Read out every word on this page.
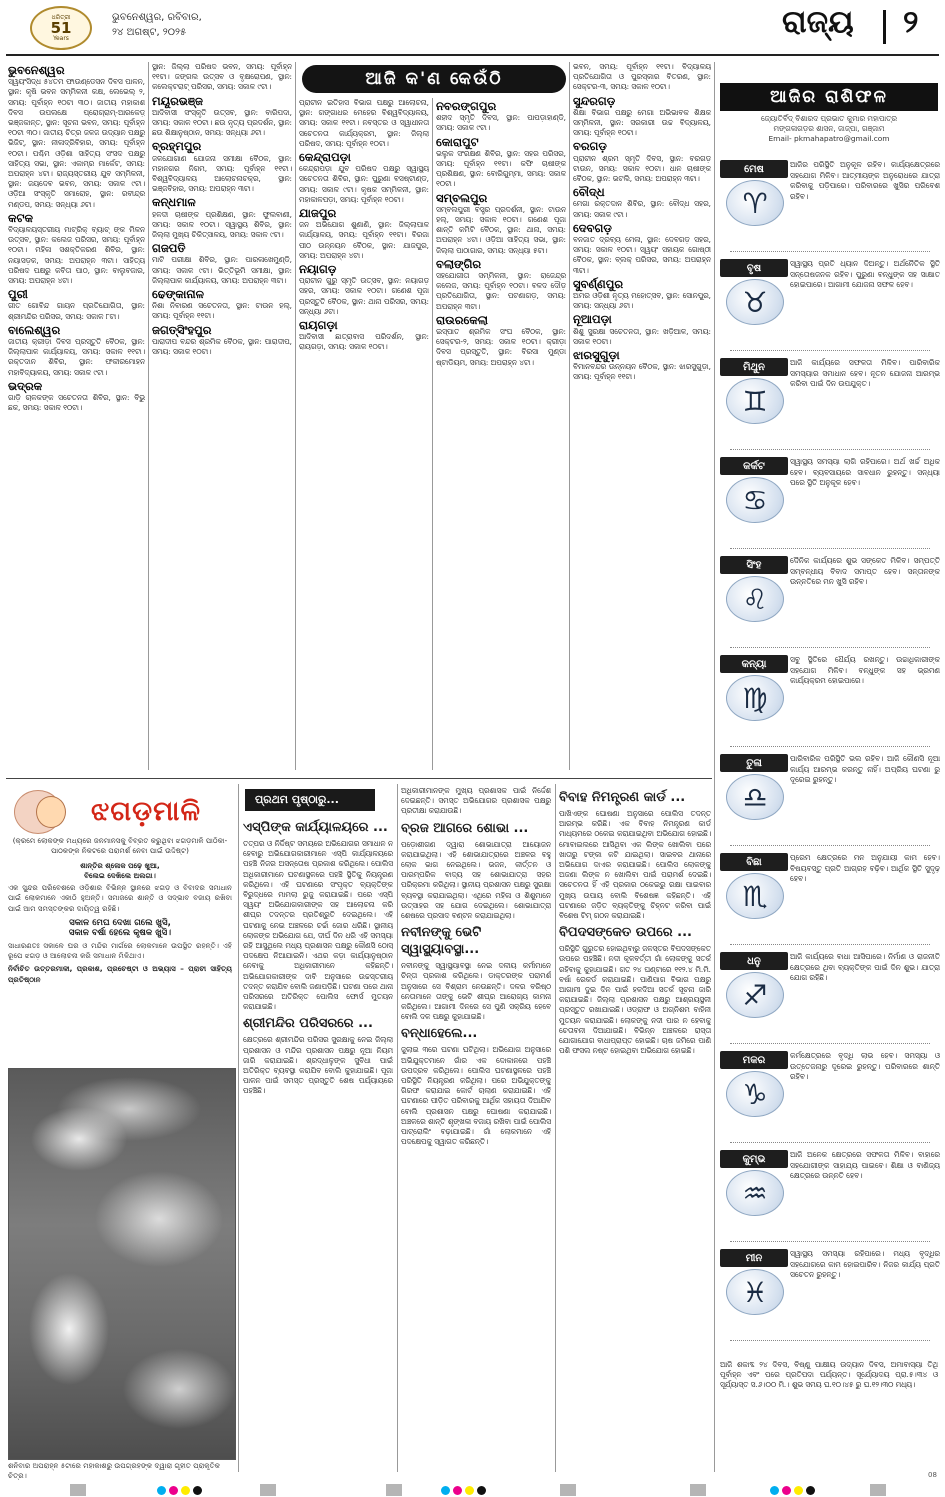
ଧରିତ୍ରୀ
51
Years
ଭୁବନେଶ୍ୱର, ରବିବାର,
୨୪ ଅଗଷ୍ଟ, ୨୦୨୫	ରାଜ୍ୟ ୨
ଭୁବନେଶ୍ୱର

ସ୍ୱୟଂସିଦ୍ଧ ୫୪ତମ ଫାଉଣ୍ଡେସନ ଦିବସ ପାଳନ, ସ୍ଥାନ: କୃଷି ଭବନ ସମ୍ମିଳନୀ କକ୍ଷ, ଲେଭେଲ୍ ୨, ସମୟ: ପୂର୍ବାହ୍ନ ୧୦ଟା ୩୦। ଜାତୀୟ ମହାକାଶ ଦିବସ ଉପଲକ୍ଷେ ପ୍ରୋଗ୍ରାମ୍-ଆରକେଡ଼୍ ଭଞ୍ଜକାନ୍ତ, ସ୍ଥାନ: ସୂଚନା ଭବନ, ସମୟ: ପୂର୍ବାହ୍ନ ୧୦ଟା ୩୦। ଜାତୀୟ ଚିତ୍ର ଜଳଜ ଉଦ୍ୟାନ ପକ୍ଷରୁ ଭିଜିଟ୍, ସ୍ଥାନ: ନୀଳାଦ୍ରିବିହାର, ସମୟ: ପୂର୍ବାହ୍ନ ୧୦ଟା। ପଶ୍ଚିମ ଓଡ଼ିଶା ସାହିତ୍ୟ ସଂସଦ ପକ୍ଷରୁ ସାହିତ୍ୟ ସଭା, ସ୍ଥାନ: ଏକାମ୍ର ମାର୍କେଟ, ସମୟ: ଅପରାହ୍ନ ୪ଟା। ରାଜ୍ୟସ୍ତରୀୟ ଯୁବ ସମ୍ମିଳନୀ, ସ୍ଥାନ: ଜୟଦେବ ଭବନ, ସମୟ: ସକାଳ ୯ଟା। ଓଡ଼ିଆ ସଂସ୍କୃତି ସମାରୋହ, ସ୍ଥାନ: ରବୀନ୍ଦ୍ର ମଣ୍ଡପ, ସମୟ: ସନ୍ଧ୍ୟା ୬ଟା।

କଟକ

ବିଦ୍ୟାଳୟସ୍ତରୀୟ ମାଟ୍ରିକ୍ ବ୍ୟାଚ୍ ଙ୍କ ମିଳନ ଉତ୍ସବ, ସ୍ଥାନ: କଲେଜ ପରିସର, ସମୟ: ପୂର୍ବାହ୍ନ ୧୦ଟା। ମହିଳା ସଶକ୍ତିକରଣ ଶିବିର, ସ୍ଥାନ: ନୟାସଡ଼କ, ସମୟ: ଅପରାହ୍ନ ୩ଟା। ସାହିତ୍ୟ ପରିଷଦ ପକ୍ଷରୁ କବିତା ପାଠ, ସ୍ଥାନ: ବାଲୁବଜାର, ସମୟ: ଅପରାହ୍ନ ୪ଟା।

ପୁରୀ

ଗୀତ ଗୋବିନ୍ଦ ଗାୟନ ପ୍ରତିଯୋଗିତା, ସ୍ଥାନ: ଶ୍ରୀମନ୍ଦିର ପରିସର, ସମୟ: ସକାଳ ୮ଟା।

ବାଲେଶ୍ୱର

ଜାତୀୟ କ୍ରୀଡ଼ା ଦିବସ ପ୍ରସ୍ତୁତି ବୈଠକ, ସ୍ଥାନ: ଜିଲ୍ଲାପାଳ କାର୍ଯ୍ୟାଳୟ, ସମୟ: ସକାଳ ୧୧ଟା। ରକ୍ତଦାନ ଶିବିର, ସ୍ଥାନ: ଫକୀରମୋହନ ମହାବିଦ୍ୟାଳୟ, ସମୟ: ସକାଳ ୯ଟା।

ଭଦ୍ରକ

ଗାଡ଼ି ଚାଳକଙ୍କ ସଚେତନତା ଶିବିର, ସ୍ଥାନ: ବିଭୁ ଛକ, ସମୟ: ସକାଳ ୧୦ଟା।

ସ୍ଥାନ: ଜିଲ୍ଲା ପରିଷଦ ଭବନ, ସମୟ: ପୂର୍ବାହ୍ନ ୧୧ଟା। ଜଙ୍ଗଲ ଉତ୍ସବ ଓ ବୃକ୍ଷରୋପଣ, ସ୍ଥାନ: କଲେକ୍ଟରାଟ୍ ପରିସର, ସମୟ: ସକାଳ ୯ଟା।

ମୟୂରଭଞ୍ଜ

ଆଦିବାସୀ ସଂସ୍କୃତି ଉତ୍ସବ, ସ୍ଥାନ: ବାରିପଦା, ସମୟ: ସକାଳ ୧୦ଟା। ଛଉ ନୃତ୍ୟ ପ୍ରଦର୍ଶନ, ସ୍ଥାନ: ଛଉ ଶିକ୍ଷାନୁଷ୍ଠାନ, ସମୟ: ସନ୍ଧ୍ୟା ୬ଟା।

ବ୍ରହ୍ମପୁର

ଜଳଯୋଗାଣ ଯୋଜନା ସମୀକ୍ଷା ବୈଠକ, ସ୍ଥାନ: ମହାନଗର ନିଗମ, ସମୟ: ପୂର୍ବାହ୍ନ ୧୧ଟା। ବିଶ୍ୱବିଦ୍ୟାଳୟ ଆଲୋଚନାଚକ୍ର, ସ୍ଥାନ: ଭଞ୍ଜବିହାର, ସମୟ: ଅପରାହ୍ନ ୩ଟା।

କନ୍ଧମାଳ

ହଳଦୀ ଚାଷୀଙ୍କ ପ୍ରଶିକ୍ଷଣ, ସ୍ଥାନ: ଫୁଲବାଣୀ, ସମୟ: ସକାଳ ୧୦ଟା। ସ୍ୱାସ୍ଥ୍ୟ ଶିବିର, ସ୍ଥାନ: ଜିଲ୍ଲା ମୁଖ୍ୟ ଚିକିତ୍ସାଳୟ, ସମୟ: ସକାଳ ୯ଟା।

ଗଜପତି

ମାଟି ପରୀକ୍ଷା ଶିବିର, ସ୍ଥାନ: ପାରଳାଖେମୁଣ୍ଡି, ସମୟ: ସକାଳ ୯ଟା। ଭିତ୍ତିଭୂମି ସମୀକ୍ଷା, ସ୍ଥାନ: ଜିଲ୍ଲାପାଳ କାର୍ଯ୍ୟାଳୟ, ସମୟ: ଅପରାହ୍ନ ୩ଟା।

ଢେଙ୍କାନାଳ

ନିଶା ନିବାରଣ ସଚେତନତା, ସ୍ଥାନ: ଟାଉନ ହଲ୍, ସମୟ: ପୂର୍ବାହ୍ନ ୧୧ଟା।

ଜଗତ୍ସିଂହପୁର

ପାରାଦୀପ ବନ୍ଦର ଶ୍ରମିକ ବୈଠକ, ସ୍ଥାନ: ପାରାଦୀପ, ସମୟ: ସକାଳ ୧୦ଟା।

ଆଜି କ'ଣ କେଉଁଠି

ପ୍ରାଚୀନ ଇତିହାସ ବିଭାଗ ପକ୍ଷରୁ ଆଲୋଚନା, ସ୍ଥାନ: ଗଙ୍ଗାଧର ମେହେର ବିଶ୍ୱବିଦ୍ୟାଳୟ, ସମୟ: ସକାଳ ୧୧ଟା। ନବସ୍ତର ଓ ସ୍ୱାଧୀନତା ସଚେତନତା କାର୍ଯ୍ୟକ୍ରମ, ସ୍ଥାନ: ଜିଲ୍ଲା ପରିଷଦ, ସମୟ: ପୂର୍ବାହ୍ନ ୧୦ଟା।

କେନ୍ଦ୍ରାପଡ଼ା

କେନ୍ଦ୍ରାପଡ଼ା ଯୁବ ପରିଷଦ ପକ୍ଷରୁ ସ୍ୱାସ୍ଥ୍ୟ ସଚେତନତା ଶିବିର, ସ୍ଥାନ: ପୁରୁଣା ବସଷ୍ଟାଣ୍ଡ, ସମୟ: ସକାଳ ୯ଟା। କୃଷକ ସମ୍ମିଳନୀ, ସ୍ଥାନ: ମହାକାଳପଡ଼ା, ସମୟ: ପୂର୍ବାହ୍ନ ୧୦ଟା।

ଯାଜପୁର

ଜନ ଅଭିଯୋଗ ଶୁଣାଣି, ସ୍ଥାନ: ଜିଲ୍ଲାପାଳ କାର୍ଯ୍ୟାଳୟ, ସମୟ: ପୂର୍ବାହ୍ନ ୧୧ଟା। ବିରଜା ପୀଠ ଉନ୍ନୟନ ବୈଠକ, ସ୍ଥାନ: ଯାଜପୁର, ସମୟ: ଅପରାହ୍ନ ୪ଟା।

ନୟାଗଡ଼

ପ୍ରାଚୀନ ଗୁରୁ ସ୍ମୃତି ଉତ୍ସବ, ସ୍ଥାନ: ନୟାଗଡ଼ ସହର, ସମୟ: ସକାଳ ୧୦ଟା। ଗଣେଶ ପୂଜା ପ୍ରସ୍ତୁତି ବୈଠକ, ସ୍ଥାନ: ଥାନା ପରିସର, ସମୟ: ସନ୍ଧ୍ୟା ୬ଟା।

ରାୟଗଡ଼ା

ଆଦିବାସୀ ଛାତ୍ରାବାସ ପରିଦର୍ଶନ, ସ୍ଥାନ: ରାୟଗଡ଼ା, ସମୟ: ସକାଳ ୧୦ଟା।

ନବରଙ୍ଗପୁର

ଶହୀଦ ସ୍ମୃତି ଦିବସ, ସ୍ଥାନ: ପାପଡ଼ାହାଣ୍ଡି, ସମୟ: ସକାଳ ୯ଟା।

କୋରାପୁଟ

ଭଲୁକ ସଂରକ୍ଷଣ ଶିବିର, ସ୍ଥାନ: ସହର ପରିସର, ସମୟ: ପୂର୍ବାହ୍ନ ୧୧ଟା। କଫି ଚାଷୀଙ୍କ ପ୍ରଶିକ୍ଷଣ, ସ୍ଥାନ: ବୋରିଗୁମ୍ମା, ସମୟ: ସକାଳ ୧୦ଟା।

ସମ୍ବଲପୁର

ସମ୍ବଲପୁରୀ ବସ୍ତ୍ର ପ୍ରଦର୍ଶନୀ, ସ୍ଥାନ: ଟାଉନ ହଲ୍, ସମୟ: ସକାଳ ୧୦ଟା। ଗଣେଶ ପୂଜା ଶାନ୍ତି କମିଟି ବୈଠକ, ସ୍ଥାନ: ଥାନା, ସମୟ: ଅପରାହ୍ନ ୪ଟା। ଓଡ଼ିଆ ସାହିତ୍ୟ ସଭା, ସ୍ଥାନ: ଜିଲ୍ଲା ପାଠାଗାର, ସମୟ: ସନ୍ଧ୍ୟା ୫ଟା।

ବଲାଙ୍ଗିର

ସହଯୋଗୀତା ସମ୍ମିଳନୀ, ସ୍ଥାନ: ରାଜେନ୍ଦ୍ର କଲେଜ, ସମୟ: ପୂର୍ବାହ୍ନ ୧୦ଟା। ବଳଦ ଦୌଡ଼ ପ୍ରତିଯୋଗିତା, ସ୍ଥାନ: ପଟଣାଗଡ଼, ସମୟ: ଅପରାହ୍ନ ୩ଟା।

ରାଉରକେଲା

ଇସ୍ପାତ ଶ୍ରମିକ ସଂଘ ବୈଠକ, ସ୍ଥାନ: ସେକ୍ଟର-୨, ସମୟ: ସକାଳ ୧୦ଟା। କ୍ରୀଡ଼ା ଦିବସ ପ୍ରସ୍ତୁତି, ସ୍ଥାନ: ବିରସା ମୁଣ୍ଡା ଷ୍ଟାଡିୟମ, ସମୟ: ଅପରାହ୍ନ ୪ଟା।

ଭବନ, ସମୟ: ପୂର୍ବାହ୍ନ ୧୧ଟା। ବିଦ୍ୟାଳୟ ପ୍ରତିଯୋଗିତା ଓ ପୁରସ୍କାର ବିତରଣ, ସ୍ଥାନ: ସେକ୍ଟର-୩, ସମୟ: ସକାଳ ୧୦ଟା।

ସୁନ୍ଦରଗଡ଼

ଶିକ୍ଷା ବିଭାଗ ପକ୍ଷରୁ ମେଗା ଅଭିଭାବକ ଶିକ୍ଷକ ସମ୍ମିଳନୀ, ସ୍ଥାନ: ସରକାରୀ ଉଚ୍ଚ ବିଦ୍ୟାଳୟ, ସମୟ: ପୂର୍ବାହ୍ନ ୧୦ଟା।

ବରଗଡ଼

ପ୍ରାଚୀନ ଶ୍ରମ ସ୍ମୃତି ଦିବସ, ସ୍ଥାନ: ବରଗଡ଼ ଟାଉନ, ସମୟ: ସକାଳ ୧୦ଟା। ଧାନ ଚାଷୀଙ୍କ ବୈଠକ, ସ୍ଥାନ: ଭଟଲି, ସମୟ: ଅପରାହ୍ନ ୩ଟା।

ବୌଦ୍ଧ

ମେଗା ରକ୍ତଦାନ ଶିବିର, ସ୍ଥାନ: ବୌଦ୍ଧ ସହର, ସମୟ: ସକାଳ ୯ଟା।

ଦେବଗଡ଼

ବନଜାତ ଦ୍ରବ୍ୟ ମେଳା, ସ୍ଥାନ: ଦେବଗଡ଼ ସହର, ସମୟ: ସକାଳ ୧୦ଟା। ସ୍ୱୟଂ ସହାୟକ ଗୋଷ୍ଠୀ ବୈଠକ, ସ୍ଥାନ: ବ୍ଲକ୍ ପରିସର, ସମୟ: ଅପରାହ୍ନ ୩ଟା।

ସୁବର୍ଣ୍ଣପୁର

ଅମର ଓଡ଼ିଶୀ ନୃତ୍ୟ ମହୋତ୍ସବ, ସ୍ଥାନ: ସୋନପୁର, ସମୟ: ସନ୍ଧ୍ୟା ୬ଟା।

ନୂଆପଡ଼ା

ଶିଶୁ ସୁରକ୍ଷା ସଚେତନତା, ସ୍ଥାନ: ଖଡ଼ିଆଳ, ସମୟ: ସକାଳ ୧୦ଟା।

ଝାରସୁଗୁଡ଼ା

ବିମାନବନ୍ଦର ଉନ୍ନୟନ ବୈଠକ, ସ୍ଥାନ: ଝାରସୁଗୁଡ଼ା, ସମୟ: ପୂର୍ବାହ୍ନ ୧୧ଟା।

ଆଜିର ରାଶିଫଳ
ଜ୍ୟୋତିର୍ବିଦ୍ ବିଶାରଦ ପ୍ରଭାତ କୁମାର ମହାପାତ୍ର
ମଙ୍ଗଳାଗଡ଼ର ଶାସନ, ଜାଜ୍ପା, ଗଞ୍ଜାମ
Email- pkmahapatro@gmail.com
ମେଷ
♈
ଆଜିର ପରିସ୍ଥିତି ଅନୁକୂଳ ରହିବ। କାର୍ଯ୍ୟକ୍ଷେତ୍ରରେ ସହଯୋଗ ମିଳିବ। ଆତ୍ମୀୟଙ୍କ ଅନୁରୋଧରେ ଯାତ୍ରା କରିବାକୁ ପଡ଼ିପାରେ। ପରିବାରରେ ଖୁସିର ପରିବେଶ ରହିବ।
ବୃଷ
♉
ସ୍ୱାସ୍ଥ୍ୟ ପ୍ରତି ଧ୍ୟାନ ଦିଅନ୍ତୁ। ଅର୍ଥନୈତିକ ସ୍ଥିତି ସନ୍ତୋଷଜନକ ରହିବ। ପୁରୁଣା ବନ୍ଧୁଙ୍କ ସହ ସାକ୍ଷାତ ହୋଇପାରେ। ଆଗାମୀ ଯୋଜନା ସଫଳ ହେବ।
ମିଥୁନ
♊
ଆଜି କାର୍ଯ୍ୟରେ ସଫଳତା ମିଳିବ। ପାରିବାରିକ ସମସ୍ୟାର ସମାଧାନ ହେବ। ନୂତନ ଯୋଜନା ଆରମ୍ଭ କରିବା ପାଇଁ ଦିନ ଉପଯୁକ୍ତ।
କର୍କଟ
♋
ସ୍ୱାସ୍ଥ୍ୟ ସମସ୍ୟା ଲାଗି ରହିପାରେ। ଅର୍ଥ ଖର୍ଚ୍ଚ ଅଧିକ ହେବ। ବ୍ୟବସାୟରେ ସାବଧାନ ରୁହନ୍ତୁ। ସନ୍ଧ୍ୟା ପରେ ସ୍ଥିତି ଅନୁକୂଳ ହେବ।
ସିଂହ
♌
ଦୈନିକ କାର୍ଯ୍ୟରେ ଶୁଭ ସଙ୍କେତ ମିଳିବ। ସମ୍ପତ୍ତି ସମ୍ବନ୍ଧୀୟ ବିବାଦ ସମାପ୍ତ ହେବ। ସନ୍ତାନଙ୍କ ଉନ୍ନତିରେ ମନ ଖୁସି ରହିବ।
କନ୍ୟା
♍
ସବୁ ସ୍ଥିତିରେ ଧୈର୍ଯ୍ୟ ରଖନ୍ତୁ। ଉଚ୍ଚାଧିକାରୀଙ୍କ ସହଯୋଗ ମିଳିବ। ବନ୍ଧୁଙ୍କ ସହ ଭ୍ରମଣ କାର୍ଯ୍ୟକ୍ରମ ହୋଇପାରେ।
ତୁଳା
♎
ପାରିବାରିକ ପରିସ୍ଥିତି ଭଲ ରହିବ। ଆଜି କୌଣସି ନୂଆ କାର୍ଯ୍ୟ ଆରମ୍ଭ କରନ୍ତୁ ନାହିଁ। ଅପ୍ରିୟ ଘଟଣା ରୁ ଦୂରେଇ ରୁହନ୍ତୁ।
ବିଛା
♏
ପ୍ରେମ କ୍ଷେତ୍ରରେ ମନ ଅନୁଯାୟୀ କାମ ହେବ। ବିଷୟବସ୍ତୁ ପ୍ରତି ଆଗ୍ରହ ବଢ଼ିବ। ଆର୍ଥିକ ସ୍ଥିତି ସୁଦୃଢ଼ ହେବ।
ଧନୁ
♐
ଆଜି କାର୍ଯ୍ୟରେ ବାଧା ଆସିପାରେ। ନିର୍ମାଣ ଓ ରାଜନୀତି କ୍ଷେତ୍ରରେ ଥିବା ବ୍ୟକ୍ତିଙ୍କ ପାଇଁ ଦିନ ଶୁଭ। ଯାତ୍ରା ଯୋଗ ରହିଛି।
ମକର
♑
କର୍ମକ୍ଷେତ୍ରରେ ବୃଦ୍ଧି ଲାଭ ହେବ। ସମସ୍ୟା ଓ ଉତ୍ତେଜନାରୁ ଦୂରେଇ ରୁହନ୍ତୁ। ପରିବାରରେ ଶାନ୍ତି ରହିବ।
କୁମ୍ଭ
♒
ଆଜି ଅନେକ କ୍ଷେତ୍ରରେ ସଫଳତା ମିଳିବ। ବାହାରେ ସହଯୋଗୀଙ୍କ ସାହାଯ୍ୟ ପାଇବେ। ଶିକ୍ଷା ଓ ବାଣିଜ୍ୟ କ୍ଷେତ୍ରରେ ଉନ୍ନତି ହେବ।
ମୀନ
♓
ସ୍ୱାସ୍ଥ୍ୟ ସମସ୍ୟା ରହିପାରେ। ମଧ୍ୟ ବୃଦ୍ଧିର ସହଯୋଗରେ କାମ ହୋଇପାରିବ। ନିଜର କାର୍ଯ୍ୟ ପ୍ରତି ସଚେତନ ରୁହନ୍ତୁ।

ଆଜି ଶକାବ୍ଦ ୨୪ ଦିବସ, ବିଷ୍ଣୁ ପାକ୍ଷୀୟ ଉଦ୍ୟାନ ଦିବସ, ଅମାବାସ୍ୟା ତିଥି ପୂର୍ବାହ୍ନ ଏବଂ ପରେ ପ୍ରତିପଦା ପର୍ଯ୍ୟନ୍ତ। ସୂର୍ଯ୍ୟୋଦୟ ପ୍ରା.୫।୩୪ ଓ ସୂର୍ଯ୍ୟାସ୍ତ ସ.୬।୦୦ ମି.। ଶୁଭ ସମୟ ଘ.୧୦।୪୫ ରୁ ଘ.୧୨।୩୦ ମଧ୍ୟ।

ଝଗଡ଼ମାଳି

(କ୍ରମେ ଲୋକଙ୍କ ମଧ୍ୟରେ ଜନମାନସକୁ ବିବ୍ରତ କରୁଥିବା ଝଗଡ଼ମାଳି ପାଠିକା-ପାଠକଙ୍କ ନିକଟରେ ପରାମର୍ଶ ନେବା ପାଇଁ ଉଦ୍ଦିଷ୍ଟ)

ଶାନ୍ତିର ଶ୍ଳୋକ ପଢ଼େ ଖୁଆ,
ବିଲେଇ ଦେଖିଲେ ଅଲଗା।

ଏକ ସୁନ୍ଦର ପରିବେଶରେ ଓଡ଼ିଶାର ବିଭିନ୍ନ ସ୍ଥାନରେ ଝଗଡ଼ ଓ ବିବାଦର ସମାଧାନ ପାଇଁ ଲୋକମାନେ ଏକାଠି ହୁଅନ୍ତି। ସମାଜରେ ଶାନ୍ତି ଓ ସଦ୍ଭାବ ବଜାୟ ରଖିବା ପାଇଁ ଆମ ସମସ୍ତଙ୍କର ଦାୟିତ୍ୱ ରହିଛି।

ସକାଳ ମେଘ ଦେଖା ଗଲେ ଖୁସି,
ସକାଳ ବର୍ଷା ହେଲେ କୃଷକ ଖୁସି।

ସାଧାରଣତଃ ସକାଳେ ଘର ଓ ମନ୍ଦିର ମାର୍ଗରେ ଲୋକମାନେ ଉପସ୍ଥିତ ରହନ୍ତି। ଏହି ରୂପେ ଝଗଡ଼ ଓ ଆଲୋଚନା କରି ସମାଧାନ ମିଳିଥାଏ।

ନିର୍ବାଚିତ ଉତ୍ତରମାଳୀ, ପ୍ରକାଶ, ପ୍ରଚେଷ୍ଟା ଓ ଅଭ୍ୟାସ – ପ୍ରାଚୀ ସାହିତ୍ୟ ପ୍ରତିଷ୍ଠାନ

ଶନିବାର ଅପରାହ୍ନ ୫ଟାରେ ମହାକାଶରୁ ଉପଗ୍ରହଙ୍କ ଦ୍ୱାରା ଗୃହୀତ ପ୍ରାକୃତିକ ଚିତ୍ର।
ପ୍ରଥମ ପୃଷ୍ଠାରୁ...
ଏସ୍‌ପିଙ୍କ କାର୍ଯ୍ୟାଳୟରେ ...

ତତ୍ପର ଓ ନିର୍ଦ୍ଦିଷ୍ଟ ସମୟରେ ଅଭିଯୋଗର ସମାଧାନ ନ ହେବାରୁ ଅଭିଯୋଗକାରୀମାନେ ଏସ୍‌ପି କାର୍ଯ୍ୟାଳୟରେ ପହଞ୍ଚି ନିଜର ଅସନ୍ତୋଷ ପ୍ରକାଶ କରିଥିଲେ। ପୋଲିସ ଅଧିକାରୀମାନେ ଘଟଣାସ୍ଥଳରେ ପହଞ୍ଚି ସ୍ଥିତିକୁ ନିୟନ୍ତ୍ରଣ କରିଥିଲେ। ଏହି ଘଟଣାରେ ସଂପୃକ୍ତ ବ୍ୟକ୍ତିଙ୍କ ବିରୁଦ୍ଧରେ ମାମଲା ରୁଜୁ କରାଯାଇଛି। ପରେ ଏସ୍‌ପି ସ୍ୱୟଂ ଅଭିଯୋଗକାରୀଙ୍କ ସହ ଆଲୋଚନା କରି ଶୀଘ୍ର ତଦନ୍ତର ପ୍ରତିଶ୍ରୁତି ଦେଇଥିଲେ। ଏହି ଘଟଣାକୁ ନେଇ ଅଞ୍ଚଳରେ ଚର୍ଚ୍ଚା ଜୋର ଧରିଛି। ସ୍ଥାନୀୟ ଲୋକଙ୍କ ଅଭିଯୋଗ ଯେ, ଦୀର୍ଘ ଦିନ ଧରି ଏହି ସମସ୍ୟା ରହି ଆସୁଥିଲେ ମଧ୍ୟ ପ୍ରଶାସନ ପକ୍ଷରୁ କୌଣସି ଠୋସ୍ ପଦକ୍ଷେପ ନିଆଯାଇନି। ଏଥର କଡ଼ା କାର୍ଯ୍ୟାନୁଷ୍ଠାନ ନେବାକୁ ଅଧିକାରୀମାନେ କହିଛନ୍ତି। ଅଭିଯୋଗକାରୀଙ୍କ ଦାବି ଅନୁସାରେ ଉଚ୍ଚସ୍ତରୀୟ ତଦନ୍ତ କରାଯିବ ବୋଲି ଜଣାପଡ଼ିଛି। ଘଟଣା ପରେ ଥାନା ପରିସରରେ ଅତିରିକ୍ତ ପୋଲିସ ଫୋର୍ସ ମୁତୟନ କରାଯାଇଛି।

ଶ୍ରୀମନ୍ଦିର ପରିସରରେ ...

କ୍ଷେତ୍ରରେ ଶ୍ରୀମନ୍ଦିର ପରିସର ସୁରକ୍ଷାକୁ ନେଇ ଜିଲ୍ଲା ପ୍ରଶାସନ ଓ ମନ୍ଦିର ପ୍ରଶାସନ ପକ୍ଷରୁ ନୂଆ ନିୟମ ଜାରି କରାଯାଇଛି। ଶ୍ରଦ୍ଧାଳୁଙ୍କ ସୁବିଧା ପାଇଁ ଅତିରିକ୍ତ ବ୍ୟବସ୍ଥା କରାଯିବ ବୋଲି କୁହାଯାଇଛି। ପୂଜା ପାଳନ ପାଇଁ ସମସ୍ତ ପ୍ରସ୍ତୁତି ଶେଷ ପର୍ଯ୍ୟାୟରେ ପହଞ୍ଚିଛି।

ଅଧିକାରୀମାନଙ୍କ ମୁଖ୍ୟ ପ୍ରଶାସକ ପାଇଁ ନିର୍ଦ୍ଦେଶ ଦେଇଛନ୍ତି। ସମସ୍ତ ଅଭିଯୋଗର ପ୍ରଶାସକ ପକ୍ଷରୁ ପ୍ରତୀକ୍ଷା କରାଯାଉଛି।

ବ୍ରଜ ଆଗରେ ଶୋଭା ...

ପଡ଼ୋଶୀଗଣ ଦ୍ୱାରା ଶୋଭାଯାତ୍ରା ଆୟୋଜନ କରାଯାଇଥିଲା। ଏହି ଶୋଭାଯାତ୍ରାରେ ଅଞ୍ଚଳର ବହୁ ଲୋକ ଭାଗ ନେଇଥିଲେ। ଭଜନ, କୀର୍ତ୍ତନ ଓ ପାରମ୍ପରିକ ବାଦ୍ୟ ସହ ଶୋଭାଯାତ୍ରା ସହର ପରିକ୍ରମା କରିଥିଲା। ସ୍ଥାନୀୟ ପ୍ରଶାସନ ପକ୍ଷରୁ ସୁରକ୍ଷା ବ୍ୟବସ୍ଥା କରାଯାଇଥିଲା। ଏଥିରେ ମହିଳା ଓ ଶିଶୁମାନେ ଉତ୍ସାହର ସହ ଯୋଗ ଦେଇଥିଲେ। ଶୋଭାଯାତ୍ରା ଶେଷରେ ପ୍ରସାଦ ବଣ୍ଟନ କରାଯାଇଥିଲା।

ନବୀନଙ୍କୁ ଭେଟି ସ୍ୱାସ୍ଥ୍ୟାବସ୍ଥା...

ନବୀନଙ୍କୁ ସ୍ୱାସ୍ଥ୍ୟାବସ୍ଥା ନେଇ ଦଳୀୟ କର୍ମୀମାନେ ଚିନ୍ତା ପ୍ରକାଶ କରିଥିଲେ। ଡାକ୍ତରଙ୍କ ପରାମର୍ଶ ଅନୁସାରେ ସେ ବିଶ୍ରାମ ନେଉଛନ୍ତି। ଦଳର ବରିଷ୍ଠ ନେତାମାନେ ତାଙ୍କୁ ଭେଟି ଶୀଘ୍ର ଆରୋଗ୍ୟ କାମନା କରିଥିଲେ। ଆଗାମୀ ଦିନରେ ସେ ପୁଣି ସକ୍ରିୟ ହେବେ ବୋଲି ଦଳ ପକ୍ଷରୁ କୁହାଯାଇଛି।

ବନ୍ଧାହେଲେ...

ଜୁଲାଇ ୩ରେ ଘଟଣା ଘଟିଥିଲା। ଅଭିଯୋଗ ଅନୁସାରେ ଅଭିଯୁକ୍ତମାନେ ଗାଁର ଏକ ଦୋକାନରେ ପହଞ୍ଚି ଉପଦ୍ରବ କରିଥିଲେ। ପୋଲିସ ଘଟଣାସ୍ଥଳରେ ପହଞ୍ଚି ପରିସ୍ଥିତି ନିୟନ୍ତ୍ରଣ କରିଥିଲା। ପରେ ଅଭିଯୁକ୍ତଙ୍କୁ ଗିରଫ କରାଯାଇ କୋର୍ଟ ଚାଲାଣ କରାଯାଇଛି। ଏହି ଘଟଣାରେ ପୀଡ଼ିତ ପରିବାରକୁ ଆର୍ଥିକ ସହାୟତା ଦିଆଯିବ ବୋଲି ପ୍ରଶାସନ ପକ୍ଷରୁ ଘୋଷଣା କରାଯାଇଛି। ଅଞ୍ଚଳରେ ଶାନ୍ତି ଶୃଙ୍ଖଳା ବଜାୟ ରଖିବା ପାଇଁ ପୋଲିସ ପାଟ୍ରୋଲିଂ ବଢ଼ାଯାଇଛି। ଗାଁ ଲୋକମାନେ ଏହି ପଦକ୍ଷେପକୁ ସ୍ୱାଗତ କରିଛନ୍ତି।

ବିବାହ ନିମନ୍ତ୍ରଣ କାର୍ଡ ...

ପାଖିଏଙ୍କ ଘୋଷଣା ଅନୁସାରେ ପୋଲିସ ତଦନ୍ତ ଆରମ୍ଭ କରିଛି। ଏକ ବିବାହ ନିମନ୍ତ୍ରଣ କାର୍ଡ ମାଧ୍ୟମରେ ଠକେଇ କରାଯାଇଥିବା ଅଭିଯୋଗ ହୋଇଛି। ମୋବାଇଲରେ ଆସିଥିବା ଏକ ଲିଙ୍କ ଖୋଲିବା ପରେ ଖାତାରୁ ଟଙ୍କା କଟି ଯାଇଥିଲା। ସାଇବର ଥାନାରେ ଅଭିଯୋଗ ଦାଏର କରାଯାଇଛି। ପୋଲିସ ଲୋକଙ୍କୁ ଅଜଣା ଲିଙ୍କ ନ ଖୋଲିବା ପାଇଁ ପରାମର୍ଶ ଦେଇଛି। ସଚେତନତା ହିଁ ଏହି ପ୍ରକାର ଠକେଇରୁ ରକ୍ଷା ପାଇବାର ମୁଖ୍ୟ ଉପାୟ ବୋଲି ବିଶେଷଜ୍ଞ କହିଛନ୍ତି। ଏହି ଘଟଣାରେ ଜଡ଼ିତ ବ୍ୟକ୍ତିଙ୍କୁ ଚିହ୍ନଟ କରିବା ପାଇଁ ବିଶେଷ ଟିମ୍ ଗଠନ କରାଯାଇଛି।

ବିପଦସଙ୍କେତ ଉପରେ ...

ପରିସ୍ଥିତି ଗୁରୁତର ହୋଇଥିବାରୁ ଜଳସ୍ତର ବିପଦସଙ୍କେତ ଉପରେ ପହଞ୍ଚିଛି। ନଦୀ କୂଳବର୍ତ୍ତୀ ଗାଁ ଲୋକଙ୍କୁ ସତର୍କ ରହିବାକୁ କୁହାଯାଇଛି। ଗତ ୨୪ ଘଣ୍ଟାରେ ୧୧୨.୪ ମି.ମି. ବର୍ଷା ରେକର୍ଡ କରାଯାଇଛି। ପାଣିପାଗ ବିଭାଗ ପକ୍ଷରୁ ଆଗାମୀ ଦୁଇ ଦିନ ପାଇଁ ହଳଦିଆ ସତର୍କ ସୂଚନା ଜାରି କରାଯାଇଛି। ଜିଲ୍ଲା ପ୍ରଶାସନ ପକ୍ଷରୁ ଆଶ୍ରୟସ୍ଥଳୀ ପ୍ରସ୍ତୁତ ରଖାଯାଇଛି। ଓଡ୍ରାଫ ଓ ଅଗ୍ନିଶମ ବାହିନୀ ମୁତୟନ କରାଯାଇଛି। ଲୋକଙ୍କୁ ନଦୀ ପାର ନ ହେବାକୁ ଚେତାବନୀ ଦିଆଯାଇଛି। ବିଭିନ୍ନ ଅଞ୍ଚଳରେ ରାସ୍ତା ଯୋଗାଯୋଗ ବାଧାପ୍ରାପ୍ତ ହୋଇଛି। ଚାଷ ଜମିରେ ପାଣି ପଶି ଫସଲ ନଷ୍ଟ ହୋଇଥିବା ଅଭିଯୋଗ ହୋଇଛି।

08
